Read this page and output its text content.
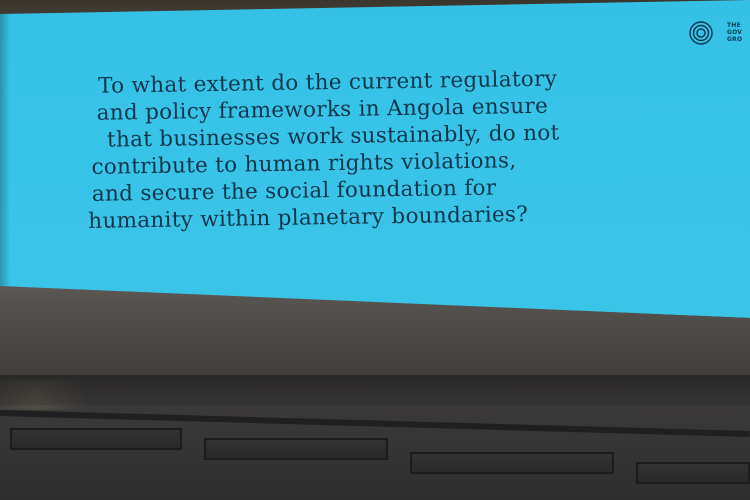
THE
GOV
GRO
To what extent do the current regulatory
and policy frameworks in Angola ensure
that businesses work sustainably, do not
contribute to human rights violations,
and secure the social foundation for
humanity within planetary boundaries?
